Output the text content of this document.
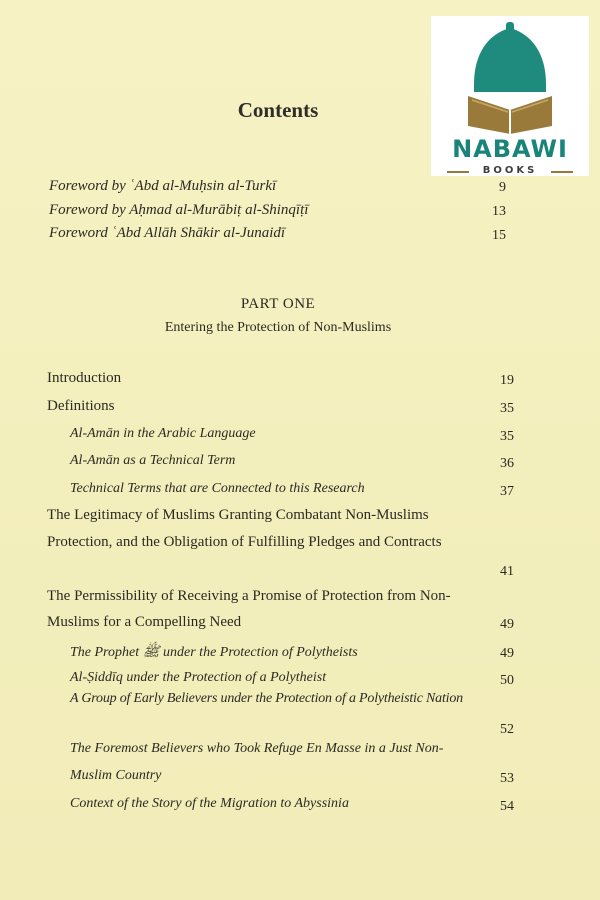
NABAWI
BOOKS
Contents
Foreword by ʿAbd al-Muḥsin al-Turkī	9
Foreword by Aḥmad al-Murābiṭ al-Shinqīṭī	13
Foreword ʿAbd Allāh Shākir al-Junaidī	15
PART ONE
Entering the Protection of Non-Muslims
Introduction	19
Definitions	35
Al-Amān in the Arabic Language	35
Al-Amān as a Technical Term	36
Technical Terms that are Connected to this Research	37
The Legitimacy of Muslims Granting Combatant Non-Muslims
Protection, and the Obligation of Fulfilling Pledges and Contracts
41
The Permissibility of Receiving a Promise of Protection from Non-
Muslims for a Compelling Need	49
The Prophet ﷺ under the Protection of Polytheists	49
Al-Ṣiddīq under the Protection of a Polytheist	50
A Group of Early Believers under the Protection of a Polytheistic Nation
52
The Foremost Believers who Took Refuge En Masse in a Just Non-
Muslim Country	53
Context of the Story of the Migration to Abyssinia	54
